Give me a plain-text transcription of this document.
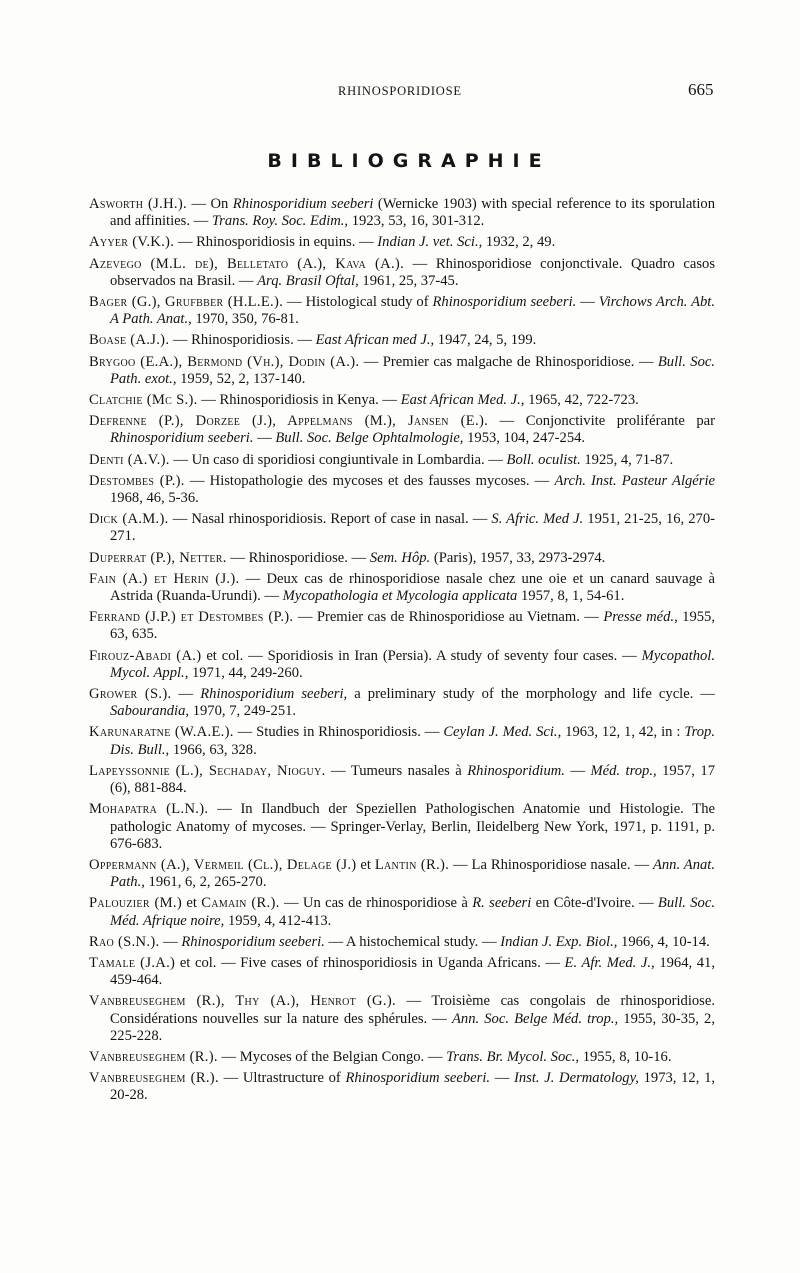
RHINOSPORIDIOSE	665
BIBLIOGRAPHIE
Asworth (J.H.). — On Rhinosporidium seeberi (Wernicke 1903) with special reference to its sporulation and affinities. — Trans. Roy. Soc. Edim., 1923, 53, 16, 301-312.
Ayyer (V.K.). — Rhinosporidiosis in equins. — Indian J. vet. Sci., 1932, 2, 49.
Azevego (M.L. de), Belletato (A.), Kava (A.). — Rhinosporidiose conjonctivale. Quadro casos observados na Brasil. — Arq. Brasil Oftal, 1961, 25, 37-45.
Bager (G.), Grufbber (H.L.E.). — Histological study of Rhinosporidium seeberi. — Virchows Arch. Abt. A Path. Anat., 1970, 350, 76-81.
Boase (A.J.). — Rhinosporidiosis. — East African med J., 1947, 24, 5, 199.
Brygoo (E.A.), Bermond (Vh.), Dodin (A.). — Premier cas malgache de Rhinosporidiose. — Bull. Soc. Path. exot., 1959, 52, 2, 137-140.
Clatchie (Mc S.). — Rhinosporidiosis in Kenya. — East African Med. J., 1965, 42, 722-723.
Defrenne (P.), Dorzee (J.), Appelmans (M.), Jansen (E.). — Conjonctivite proliférante par Rhinosporidium seeberi. — Bull. Soc. Belge Ophtalmologie, 1953, 104, 247-254.
Denti (A.V.). — Un caso di sporidiosi congiuntivale in Lombardia. — Boll. oculist. 1925, 4, 71-87.
Destombes (P.). — Histopathologie des mycoses et des fausses mycoses. — Arch. Inst. Pasteur Algérie 1968, 46, 5-36.
Dick (A.M.). — Nasal rhinosporidiosis. Report of case in nasal. — S. Afric. Med J. 1951, 21-25, 16, 270-271.
Duperrat (P.), Netter. — Rhinosporidiose. — Sem. Hôp. (Paris), 1957, 33, 2973-2974.
Fain (A.) et Herin (J.). — Deux cas de rhinosporidiose nasale chez une oie et un canard sauvage à Astrida (Ruanda-Urundi). — Mycopathologia et Mycologia applicata 1957, 8, 1, 54-61.
Ferrand (J.P.) et Destombes (P.). — Premier cas de Rhinosporidiose au Vietnam. — Presse méd., 1955, 63, 635.
Firouz-Abadi (A.) et col. — Sporidiosis in Iran (Persia). A study of seventy four cases. — Mycopathol. Mycol. Appl., 1971, 44, 249-260.
Grower (S.). — Rhinosporidium seeberi, a preliminary study of the morphology and life cycle. — Sabourandia, 1970, 7, 249-251.
Karunaratne (W.A.E.). — Studies in Rhinosporidiosis. — Ceylan J. Med. Sci., 1963, 12, 1, 42, in : Trop. Dis. Bull., 1966, 63, 328.
Lapeyssonnie (L.), Sechaday, Nioguy. — Tumeurs nasales à Rhinosporidium. — Méd. trop., 1957, 17 (6), 881-884.
Mohapatra (L.N.). — In Ilandbuch der Speziellen Pathologischen Anatomie und Histologie. The pathologic Anatomy of mycoses. — Springer-Verlay, Berlin, Ileidelberg New York, 1971, p. 1191, p. 676-683.
Oppermann (A.), Vermeil (Cl.), Delage (J.) et Lantin (R.). — La Rhinosporidiose nasale. — Ann. Anat. Path., 1961, 6, 2, 265-270.
Palouzier (M.) et Camain (R.). — Un cas de rhinosporidiose à R. seeberi en Côte-d'Ivoire. — Bull. Soc. Méd. Afrique noire, 1959, 4, 412-413.
Rao (S.N.). — Rhinosporidium seeberi. — A histochemical study. — Indian J. Exp. Biol., 1966, 4, 10-14.
Tamale (J.A.) et col. — Five cases of rhinosporidiosis in Uganda Africans. — E. Afr. Med. J., 1964, 41, 459-464.
Vanbreuseghem (R.), Thy (A.), Henrot (G.). — Troisième cas congolais de rhinosporidiose. Considérations nouvelles sur la nature des sphérules. — Ann. Soc. Belge Méd. trop., 1955, 30-35, 2, 225-228.
Vanbreuseghem (R.). — Mycoses of the Belgian Congo. — Trans. Br. Mycol. Soc., 1955, 8, 10-16.
Vanbreuseghem (R.). — Ultrastructure of Rhinosporidium seeberi. — Inst. J. Dermatology, 1973, 12, 1, 20-28.
